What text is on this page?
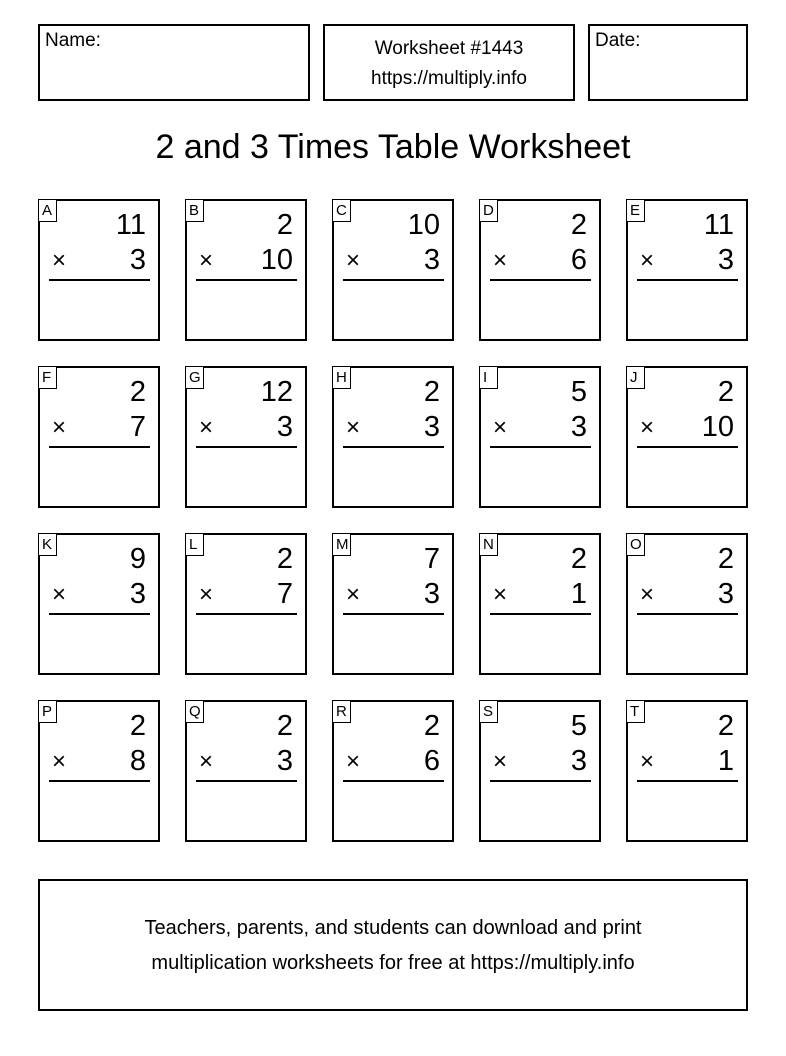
Name:	Worksheet #1443
https://multiply.info
Date:
2 and 3 Times Table Worksheet
A 11
× 3
B	2
× 10
C 10
× 3
D	2
× 6
E 11
× 3
F	2
× 7
G 12
× 3
H	2
× 3
I	5
× 3
J	2
× 10
K	9
× 3
L	2
× 7
M	7
× 3
N	2
× 1
O	2
× 3
P	2
× 8
Q	2
× 3
R	2
× 6
S	5
× 3
T	2
× 1
Teachers, parents, and students can download and print
multiplication worksheets for free at https://multiply.info
